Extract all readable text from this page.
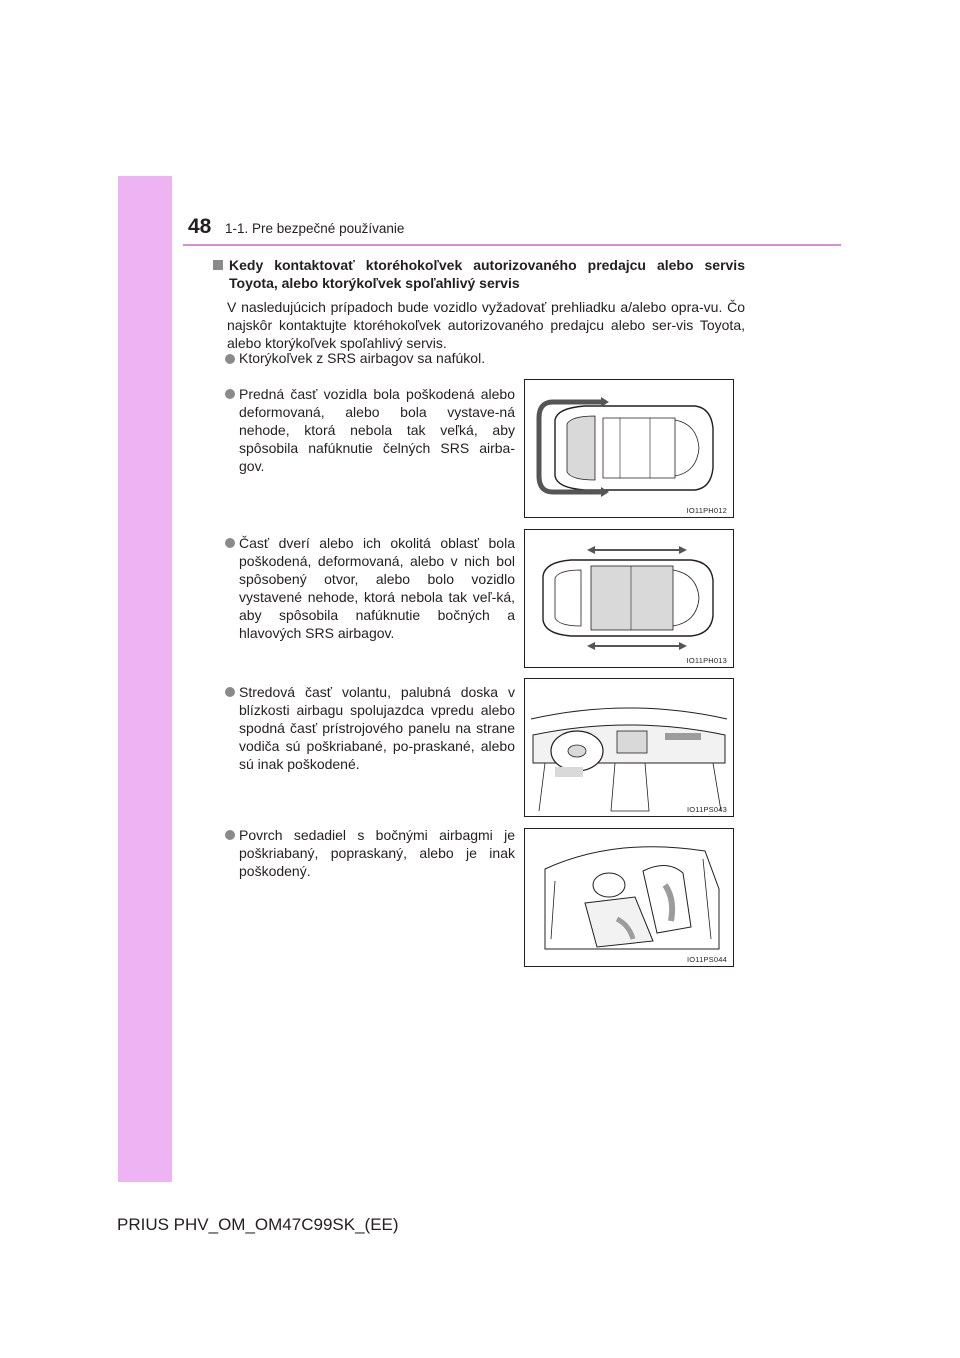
48 1-1. Pre bezpečné používanie
Kedy kontaktovať ktoréhokoľvek autorizovaného predajcu alebo servis Toyota, alebo ktorýkoľvek spoľahlivý servis
V nasledujúcich prípadoch bude vozidlo vyžadovať prehliadku a/alebo opra-vu. Čo najskôr kontaktujte ktoréhokoľvek autorizovaného predajcu alebo ser-vis Toyota, alebo ktorýkoľvek spoľahlivý servis.
Ktorýkoľvek z SRS airbagov sa nafúkol.
Predná časť vozidla bola poškodená alebo deformovaná, alebo bola vystave-ná nehode, ktorá nebola tak veľká, aby spôsobila nafúknutie čelných SRS airba-gov.
IO11PH012
Časť dverí alebo ich okolitá oblasť bola poškodená, deformovaná, alebo v nich bol spôsobený otvor, alebo bolo vozidlo vystavené nehode, ktorá nebola tak veľ-ká, aby spôsobila nafúknutie bočných a hlavových SRS airbagov.
IO11PH013
Stredová časť volantu, palubná doska v blízkosti airbagu spolujazdca vpredu alebo spodná časť prístrojového panelu na strane vodiča sú poškriabané, po-praskané, alebo sú inak poškodené.
IO11PS043
Povrch sedadiel s bočnými airbagmi je poškriabaný, popraskaný, alebo je inak poškodený.
IO11PS044
PRIUS PHV_OM_OM47C99SK_(EE)
